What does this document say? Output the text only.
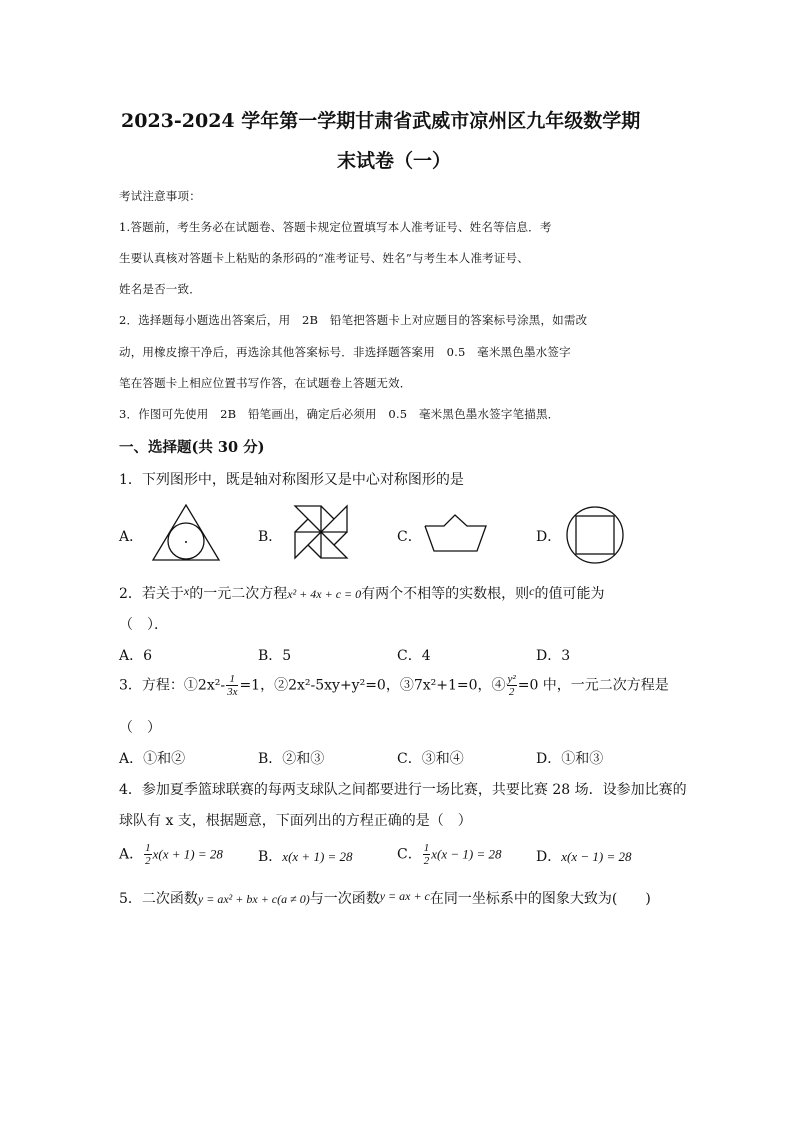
2023-2024 学年第一学期甘肃省武威市凉州区九年级数学期
末试卷（一）
考试注意事项：
1.答题前，考生务必在试题卷、答题卡规定位置填写本人准考证号、姓名等信息．考
生要认真核对答题卡上粘贴的条形码的“准考证号、姓名”与考生本人准考证号、
姓名是否一致．
2．选择题每小题选出答案后，用　2B　铅笔把答题卡上对应题目的答案标号涂黑，如需改
动，用橡皮擦干净后，再选涂其他答案标号．非选择题答案用　0.5　毫米黑色墨水签字
笔在答题卡上相应位置书写作答，在试题卷上答题无效．
3．作图可先使用　2B　铅笔画出，确定后必须用　0.5　毫米黑色墨水签字笔描黑．
一、选择题(共 30 分)
1．下列图形中，既是轴对称图形又是中心对称图形的是
A．	B．	C．	D．
2．若关于x的一元二次方程x² + 4x + c = 0有两个不相等的实数根，则c的值可能为
（　）．
A．6	B．5	C．4	D．3
3．方程：①2x²- $\frac{1}{3x} =1$，②2x²-5xy+y²=0，③7x²+1=0，④ $\frac{\text{y²}}{2} =0$ 中，一元二次方程是
（　）
A．①和②	B．②和③	C．③和④	D．①和③
4．参加夏季篮球联赛的每两支球队之间都要进行一场比赛，共要比赛 28 场．设参加比赛的
球队有 x 支，根据题意，下面列出的方程正确的是（　）
A． $\frac{1}{2} x(x + 1) = 28$	B．x(x + 1) = 28	C． $\frac{1}{2} x(x - 1) = 28$ D．x(x − 1) = 28
5．二次函数y = ax² + bx + c(a ≠ 0)与一次函数y = ax + c在同一坐标系中的图象大致为(　　)
